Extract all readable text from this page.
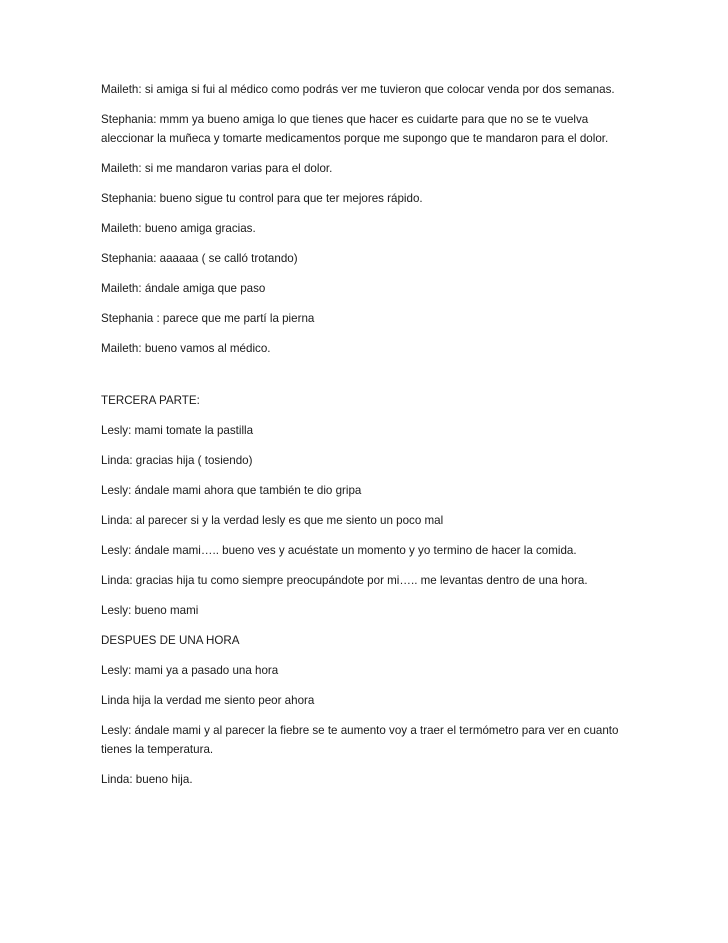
Maileth: si amiga si fui al médico como podrás ver me tuvieron que colocar venda por dos semanas.

Stephania: mmm ya bueno amiga lo que tienes que hacer es cuidarte para que no se te vuelva aleccionar la muñeca y tomarte medicamentos porque me supongo que te mandaron para el dolor.

Maileth: si me mandaron varias para el dolor.

Stephania: bueno sigue tu control para que ter mejores rápido.

Maileth: bueno amiga gracias.

Stephania: aaaaaa ( se calló trotando)

Maileth: ándale amiga que paso

Stephania : parece que me partí la pierna

Maileth: bueno vamos al médico.

TERCERA PARTE:

Lesly: mami tomate la pastilla

Linda: gracias hija ( tosiendo)

Lesly: ándale mami ahora que también te dio gripa

Linda: al parecer si y la verdad lesly es que me siento un poco mal

Lesly: ándale mami….. bueno ves y acuéstate un momento y yo termino de hacer la comida.

Linda: gracias hija tu como siempre preocupándote por mi….. me levantas dentro de una hora.

Lesly: bueno mami

DESPUES DE UNA HORA

Lesly: mami ya a pasado una hora

Linda hija la verdad me siento peor ahora

Lesly: ándale mami y al parecer la fiebre se te aumento voy a traer el termómetro para ver en cuanto tienes la temperatura.

Linda: bueno hija.
